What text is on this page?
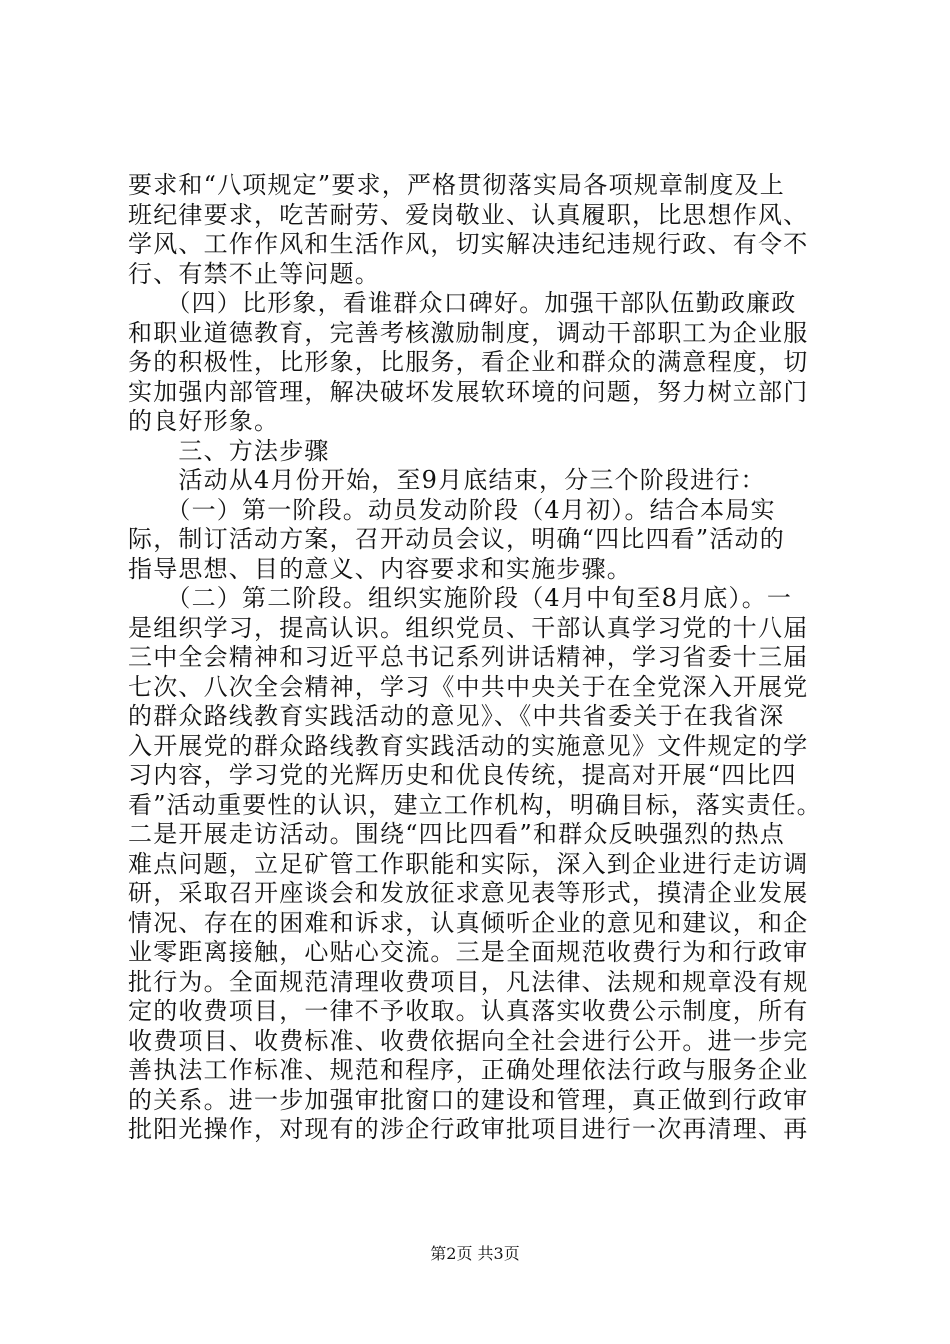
要求和“八项规定”要求，严格贯彻落实局各项规章制度及上
班纪律要求，吃苦耐劳、爱岗敬业、认真履职，比思想作风、
学风、工作作风和生活作风，切实解决违纪违规行政、有令不
行、有禁不止等问题。
　　（四）比形象，看谁群众口碑好。加强干部队伍勤政廉政
和职业道德教育，完善考核激励制度，调动干部职工为企业服
务的积极性，比形象，比服务，看企业和群众的满意程度，切
实加强内部管理，解决破坏发展软环境的问题，努力树立部门
的良好形象。
　　三、方法步骤
　　活动从4月份开始，至9月底结束，分三个阶段进行：
　　（一）第一阶段。动员发动阶段（4月初）。结合本局实
际，制订活动方案，召开动员会议，明确“四比四看”活动的
指导思想、目的意义、内容要求和实施步骤。
　　（二）第二阶段。组织实施阶段（4月中旬至8月底）。一
是组织学习，提高认识。组织党员、干部认真学习党的十八届
三中全会精神和习近平总书记系列讲话精神，学习省委十三届
七次、八次全会精神，学习《中共中央关于在全党深入开展党
的群众路线教育实践活动的意见》、《中共省委关于在我省深
入开展党的群众路线教育实践活动的实施意见》文件规定的学
习内容，学习党的光辉历史和优良传统，提高对开展“四比四
看”活动重要性的认识，建立工作机构，明确目标，落实责任。
二是开展走访活动。围绕“四比四看”和群众反映强烈的热点
难点问题，立足矿管工作职能和实际，深入到企业进行走访调
研，采取召开座谈会和发放征求意见表等形式，摸清企业发展
情况、存在的困难和诉求，认真倾听企业的意见和建议，和企
业零距离接触，心贴心交流。三是全面规范收费行为和行政审
批行为。全面规范清理收费项目，凡法律、法规和规章没有规
定的收费项目，一律不予收取。认真落实收费公示制度，所有
收费项目、收费标准、收费依据向全社会进行公开。进一步完
善执法工作标准、规范和程序，正确处理依法行政与服务企业
的关系。进一步加强审批窗口的建设和管理，真正做到行政审
批阳光操作，对现有的涉企行政审批项目进行一次再清理、再
第2页 共3页
